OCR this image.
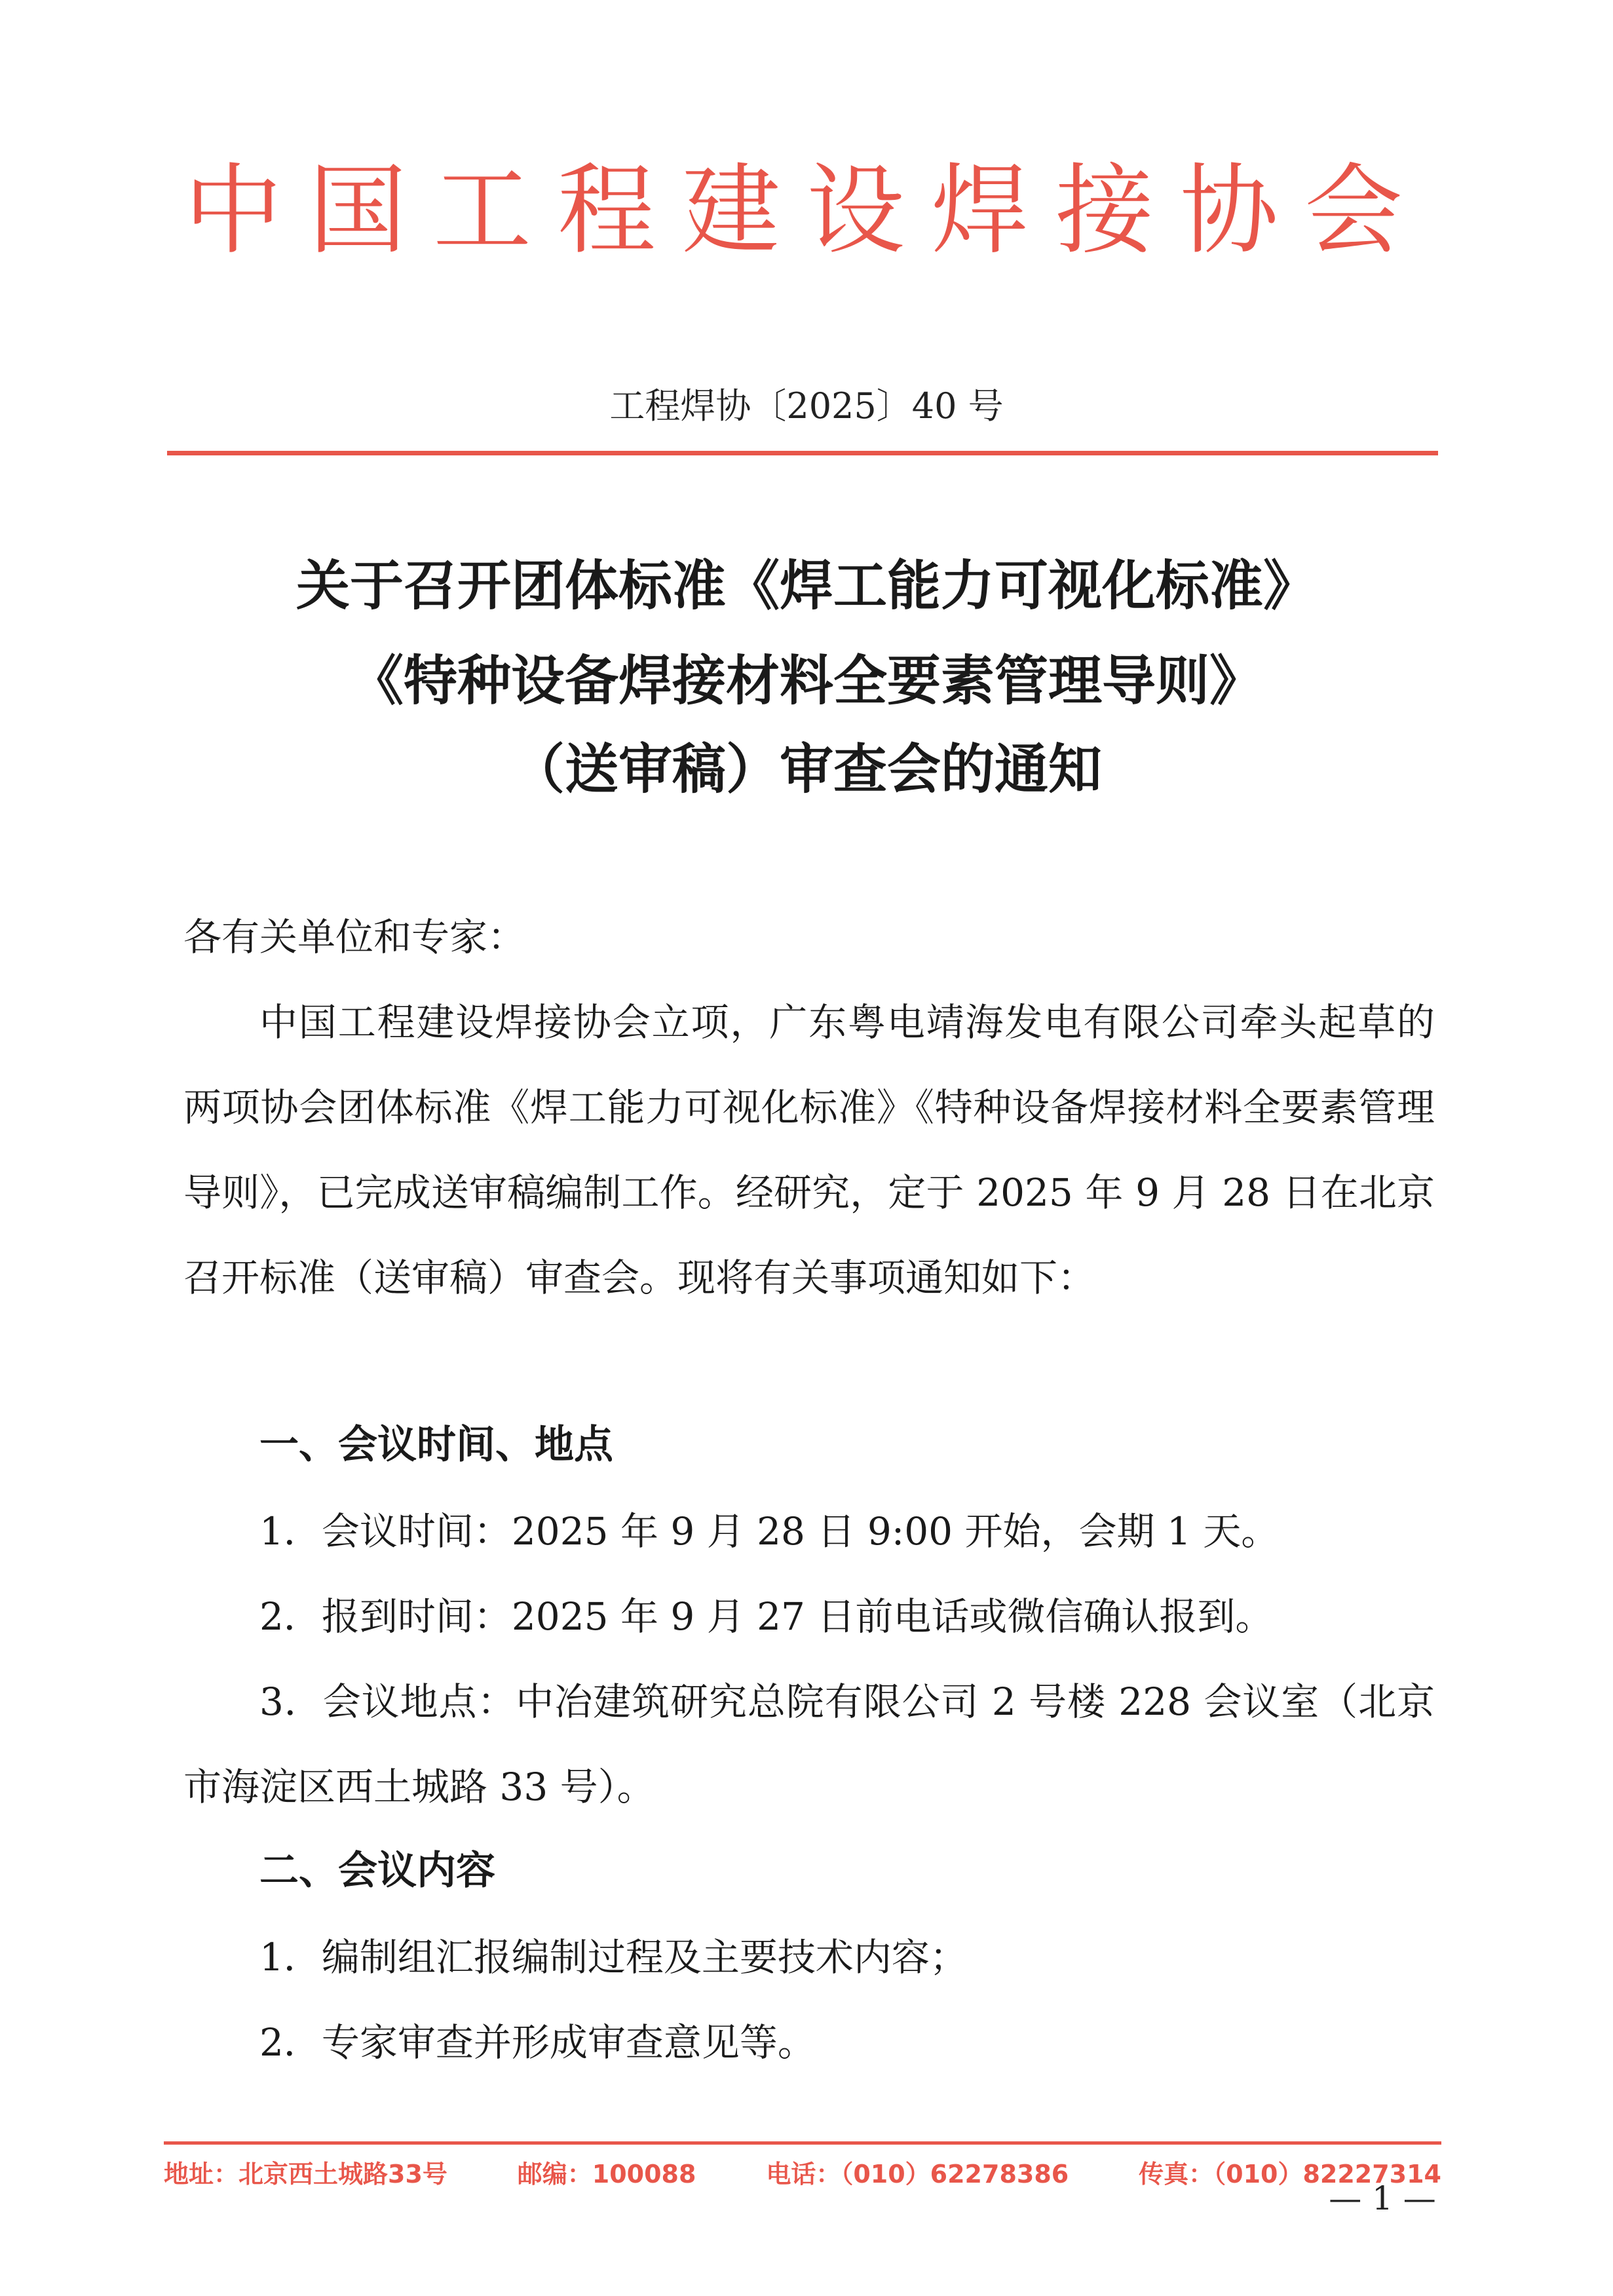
中国工程建设焊接协会
工程焊协〔2025〕40 号
关于召开团体标准《焊工能力可视化标准》
《特种设备焊接材料全要素管理导则》
（送审稿）审查会的通知
各有关单位和专家：
中国工程建设焊接协会立项，广东粤电靖海发电有限公司牵头起草的两项协会团体标准《焊工能力可视化标准》《特种设备焊接材料全要素管理导则》，已完成送审稿编制工作。经研究，定于 2025 年 9 月 28 日在北京召开标准（送审稿）审查会。现将有关事项通知如下：
一、会议时间、地点
1．会议时间：2025 年 9 月 28 日 9:00 开始，会期 1 天。
2．报到时间：2025 年 9 月 27 日前电话或微信确认报到。
3．会议地点：中冶建筑研究总院有限公司 2 号楼 228 会议室（北京市海淀区西土城路 33 号）。
二、会议内容
1．编制组汇报编制过程及主要技术内容；
2．专家审查并形成审查意见等。
地址：北京西土城路33号	邮编：100088	电话：（010）62278386	传真：（010）82227314
— 1 —
